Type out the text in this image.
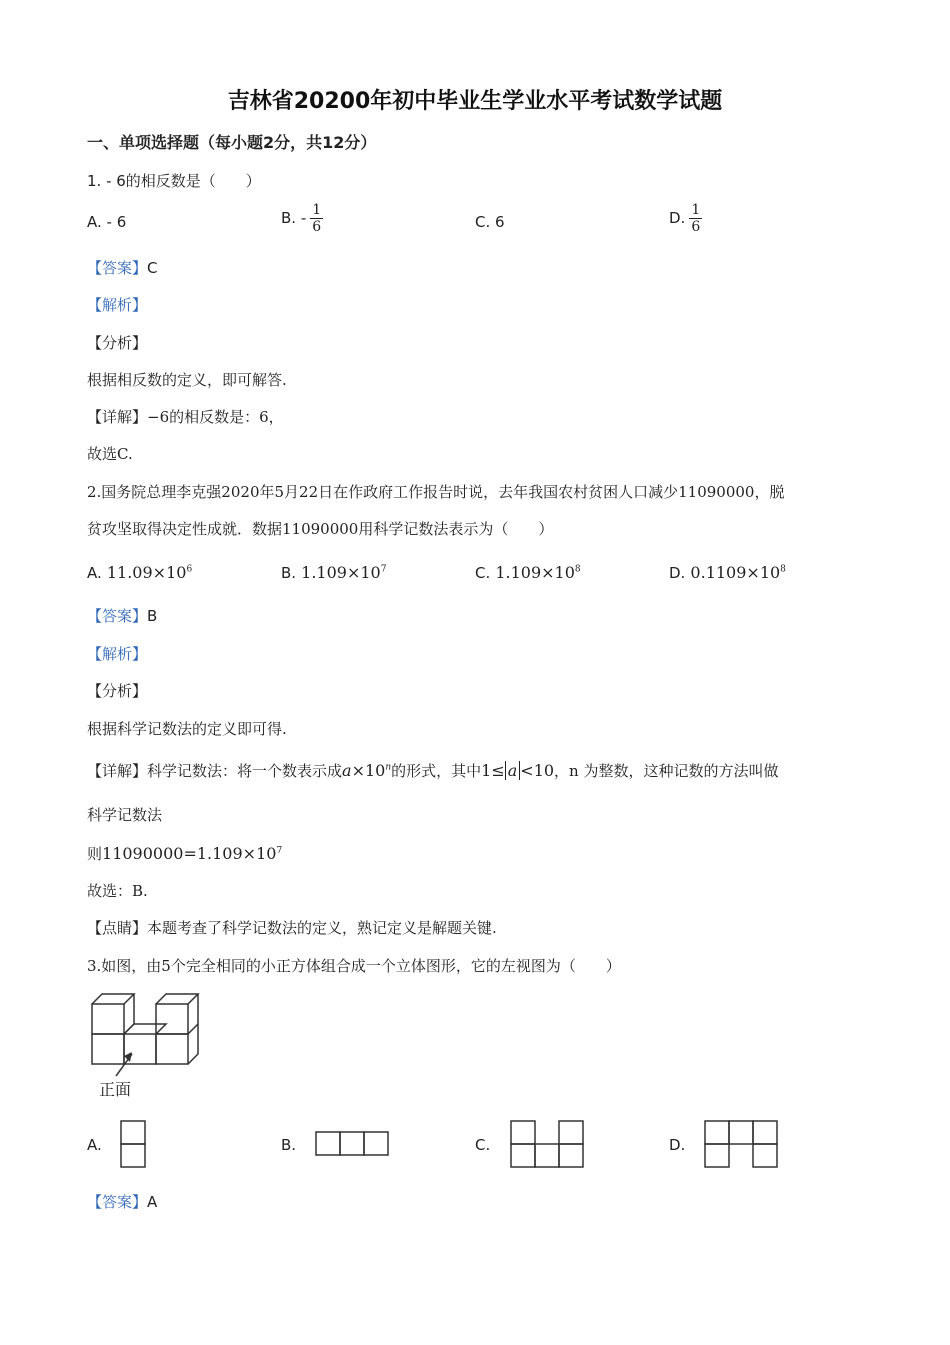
吉林省20200年初中毕业生学业水平考试数学试题
一、单项选择题（每小题2分，共12分）
1. - 6的相反数是（　　）
A. - 6	B. - $\frac{1}{6}$	C. 6	D. $\frac{1}{6}$
【答案】C
【解析】
【分析】
根据相反数的定义，即可解答.
【详解】−6的相反数是：6，
故选C.
2.国务院总理李克强2020年5月22日在作政府工作报告时说，去年我国农村贫困人口减少11090000，脱
贫攻坚取得决定性成就．数据11090000用科学记数法表示为（　　）
A. $11.09\times 10^6$	B. $1.109\times 10^7$	C. $1.109\times 10^8$	D. $0.1109\times 10^8$
【答案】B
【解析】
【分析】
根据科学记数法的定义即可得.
【详解】科学记数法：将一个数表示成$a\times 10^n$的形式，其中1≤ a <10，n 为整数，这种记数的方法叫做
科学记数法
则$11090000=1.109\times 10^7$
故选：B.
【点睛】本题考查了科学记数法的定义，熟记定义是解题关键.
3.如图，由5个完全相同的小正方体组合成一个立体图形，它的左视图为（　　）
正面
A.	B.	C.	D.
【答案】A
